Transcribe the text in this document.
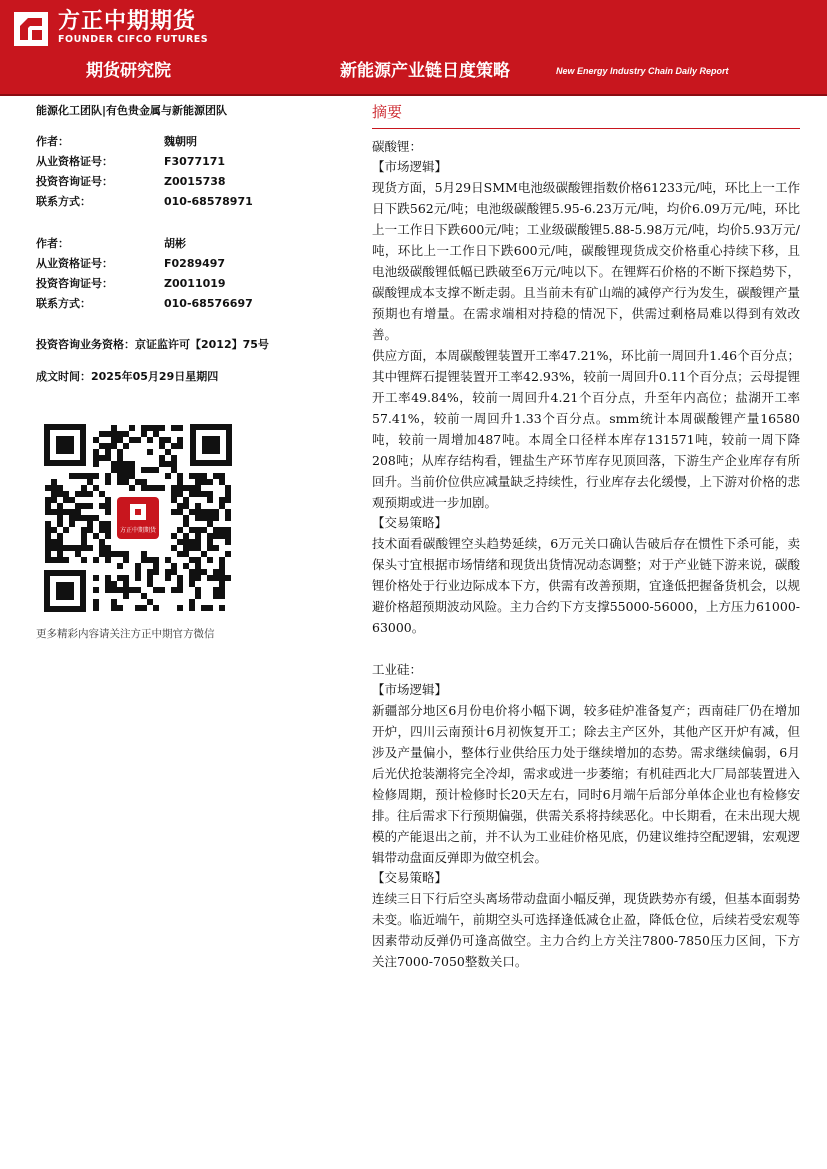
方正中期期货
FOUNDER CIFCO FUTURES
期货研究院	新能源产业链日度策略	New Energy Industry Chain Daily Report
能源化工团队|有色贵金属与新能源团队
作者：	魏朝明
从业资格证号：	F3077171
投资咨询证号：	Z0015738
联系方式：	010-68578971
作者：	胡彬
从业资格证号：	F0289497
投资咨询证号：	Z0011019
联系方式：	010-68576697
投资咨询业务资格：京证监许可【2012】75号
成文时间：2025年05月29日星期四
方正中期期货
更多精彩内容请关注方正中期官方微信
摘要

碳酸锂：

【市场逻辑】

现货方面，5月29日SMM电池级碳酸锂指数价格61233元/吨，环比上一工作日下跌562元/吨；电池级碳酸锂5.95-6.23万元/吨，均价6.09万元/吨，环比上一工作日下跌600元/吨；工业级碳酸锂5.88-5.98万元/吨，均价5.93万元/吨，环比上一工作日下跌600元/吨，碳酸锂现货成交价格重心持续下移，且电池级碳酸锂低幅已跌破至6万元/吨以下。在锂辉石价格的不断下探趋势下，碳酸锂成本支撑不断走弱。且当前未有矿山端的减停产行为发生，碳酸锂产量预期也有增量。在需求端相对持稳的情况下，供需过剩格局难以得到有效改善。

供应方面，本周碳酸锂装置开工率47.21%，环比前一周回升1.46个百分点；其中锂辉石提锂装置开工率42.93%，较前一周回升0.11个百分点；云母提锂开工率49.84%，较前一周回升4.21个百分点，升至年内高位；盐湖开工率57.41%，较前一周回升1.33个百分点。smm统计本周碳酸锂产量16580吨，较前一周增加487吨。本周全口径样本库存131571吨，较前一周下降208吨；从库存结构看，锂盐生产环节库存见顶回落，下游生产企业库存有所回升。当前价位供应减量缺乏持续性，行业库存去化缓慢，上下游对价格的悲观预期或进一步加剧。

【交易策略】

技术面看碳酸锂空头趋势延续，6万元关口确认告破后存在惯性下杀可能，卖保头寸宜根据市场情绪和现货出货情况动态调整；对于产业链下游来说，碳酸锂价格处于行业边际成本下方，供需有改善预期，宜逢低把握备货机会，以规避价格超预期波动风险。主力合约下方支撑55000-56000，上方压力61000-63000。

工业硅：

【市场逻辑】

新疆部分地区6月份电价将小幅下调，较多硅炉准备复产；西南硅厂仍在增加开炉，四川云南预计6月初恢复开工；除去主产区外，其他产区开炉有减，但涉及产量偏小，整体行业供给压力处于继续增加的态势。需求继续偏弱，6月后光伏抢装潮将完全冷却，需求或进一步萎缩；有机硅西北大厂局部装置进入检修周期，预计检修时长20天左右，同时6月端午后部分单体企业也有检修安排。往后需求下行预期偏强，供需关系将持续恶化。中长期看，在未出现大规模的产能退出之前，并不认为工业硅价格见底，仍建议维持空配逻辑，宏观逻辑带动盘面反弹即为做空机会。

【交易策略】

连续三日下行后空头离场带动盘面小幅反弹，现货跌势亦有缓，但基本面弱势未变。临近端午，前期空头可选择逢低减仓止盈，降低仓位，后续若受宏观等因素带动反弹仍可逢高做空。主力合约上方关注7800-7850压力区间，下方关注7000-7050整数关口。
